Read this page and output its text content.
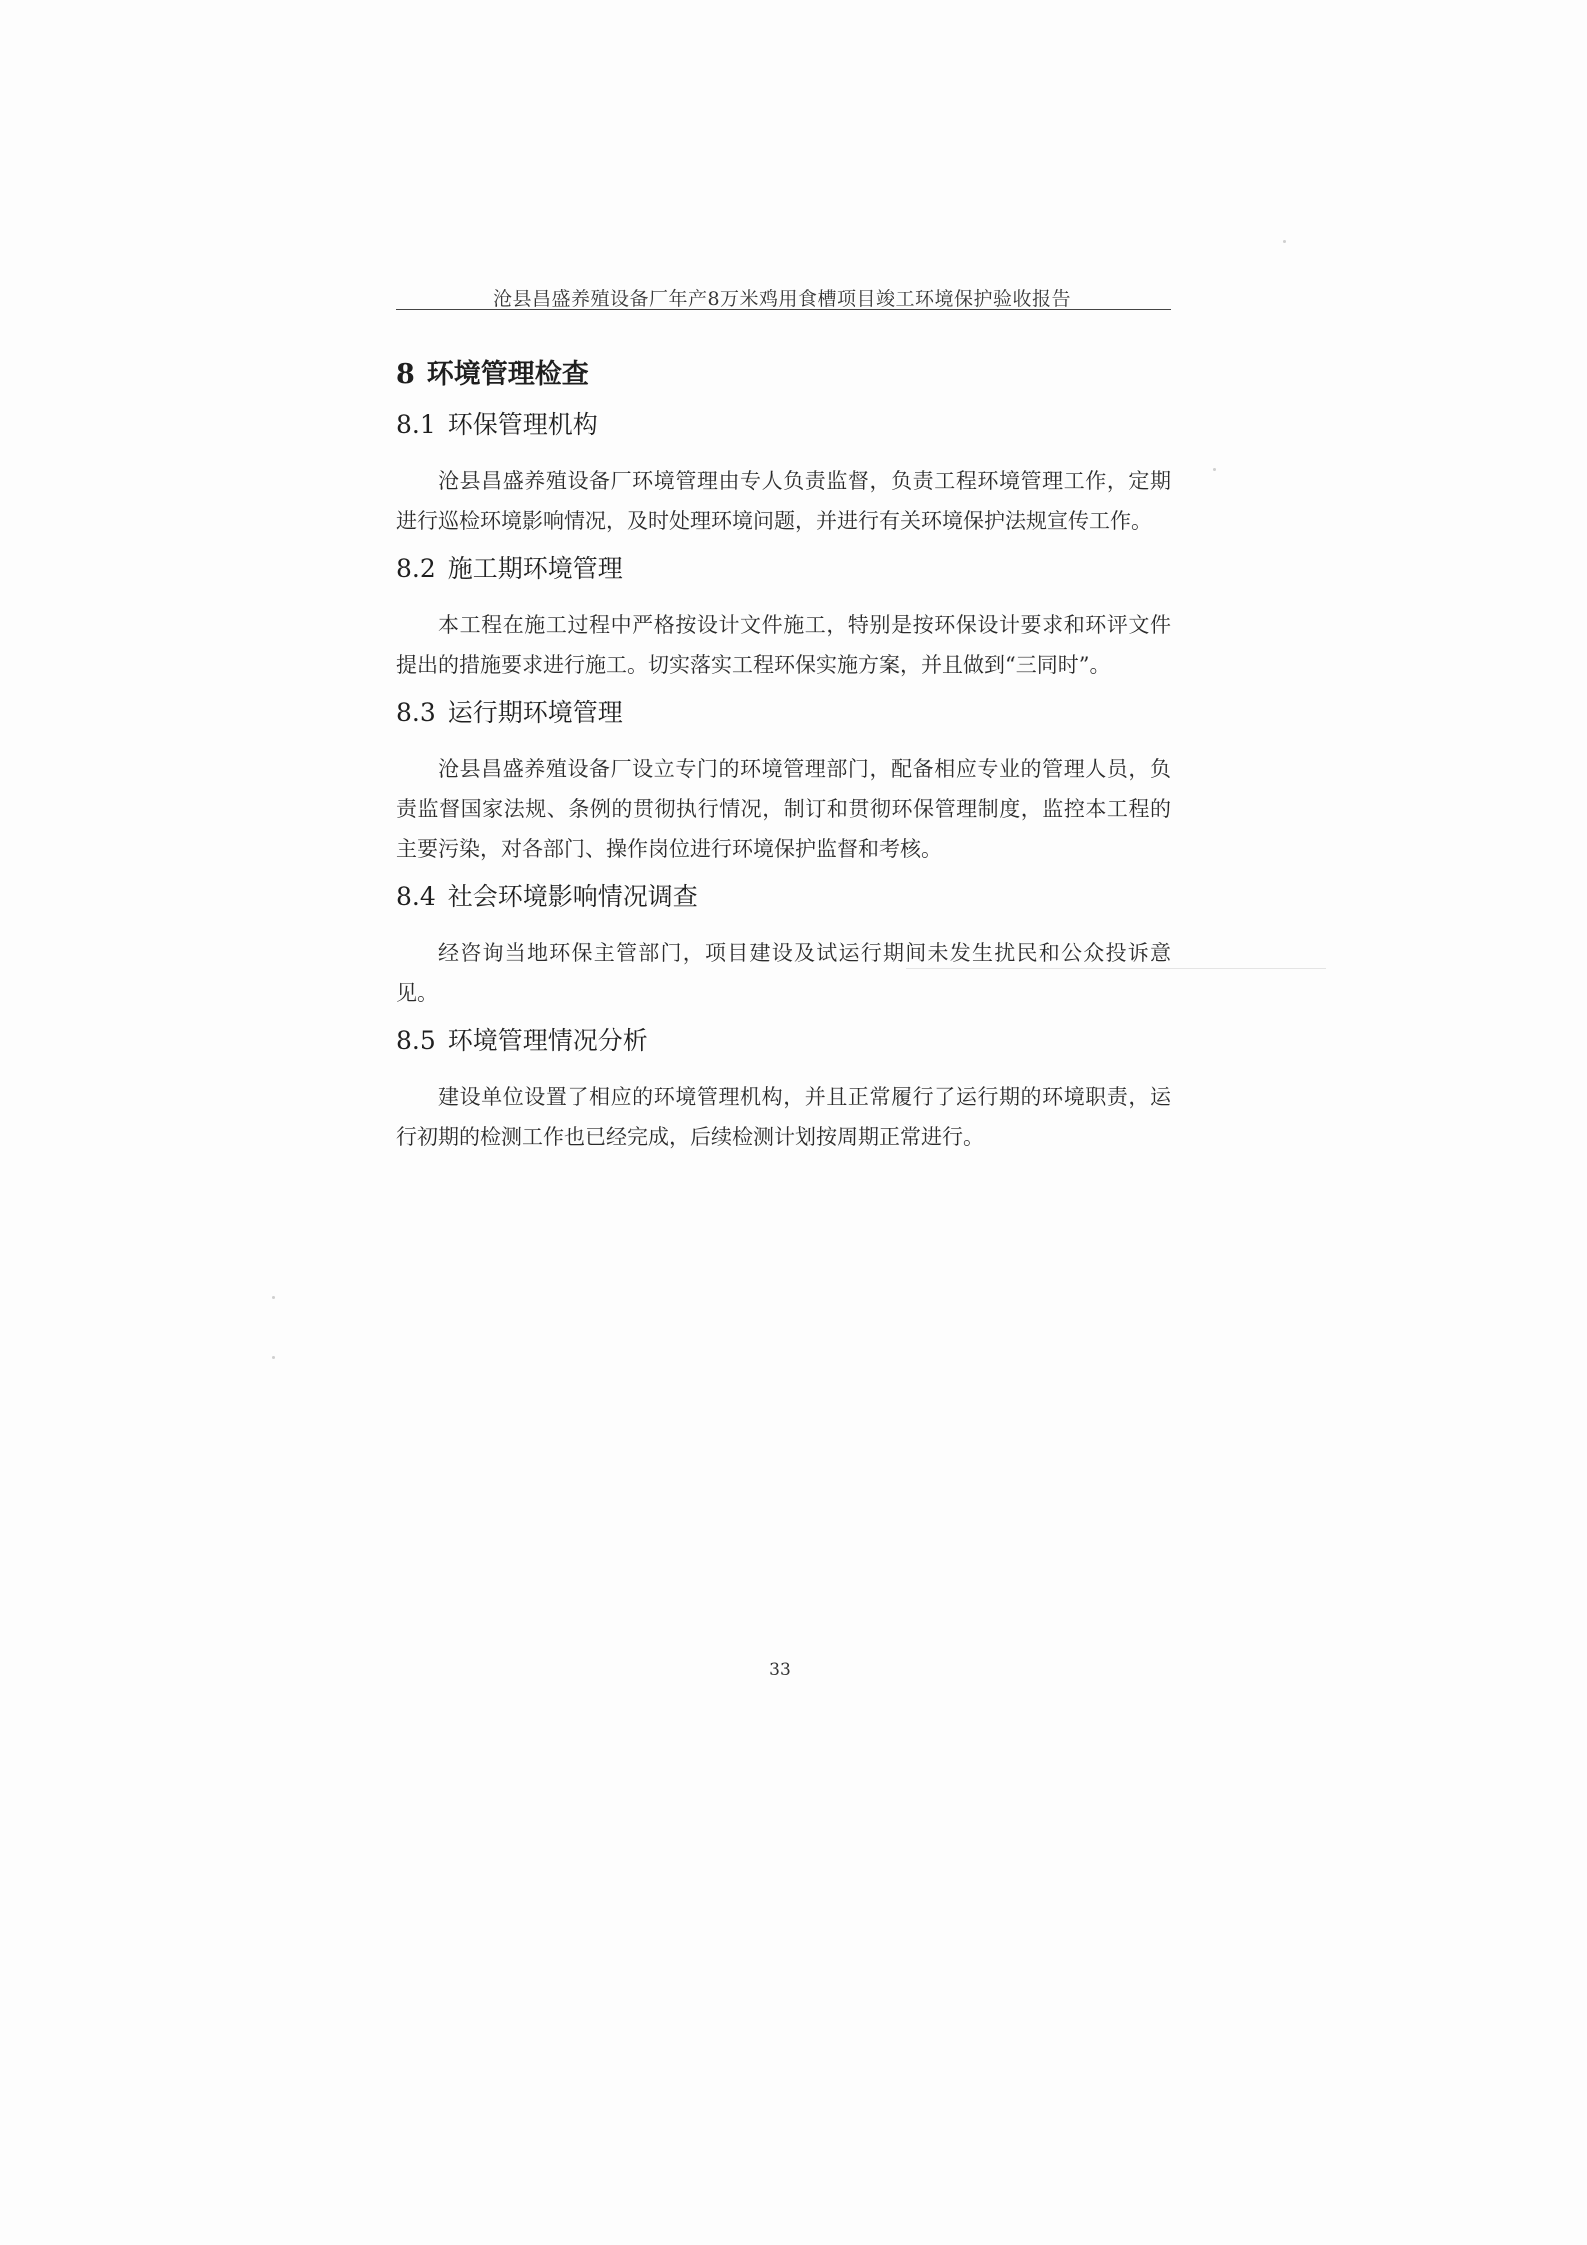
沧县昌盛养殖设备厂年产8万米鸡用食槽项目竣工环境保护验收报告
8 环境管理检查
8.1 环保管理机构

沧县昌盛养殖设备厂环境管理由专人负责监督，负责工程环境管理工作，定期进行巡检环境影响情况，及时处理环境问题，并进行有关环境保护法规宣传工作。

8.2 施工期环境管理

本工程在施工过程中严格按设计文件施工，特别是按环保设计要求和环评文件提出的措施要求进行施工。切实落实工程环保实施方案，并且做到“三同时”。

8.3 运行期环境管理

沧县昌盛养殖设备厂设立专门的环境管理部门，配备相应专业的管理人员，负责监督国家法规、条例的贯彻执行情况，制订和贯彻环保管理制度，监控本工程的主要污染，对各部门、操作岗位进行环境保护监督和考核。

8.4 社会环境影响情况调查

经咨询当地环保主管部门，项目建设及试运行期间未发生扰民和公众投诉意见。

8.5 环境管理情况分析

建设单位设置了相应的环境管理机构，并且正常履行了运行期的环境职责，运行初期的检测工作也已经完成，后续检测计划按周期正常进行。

33
